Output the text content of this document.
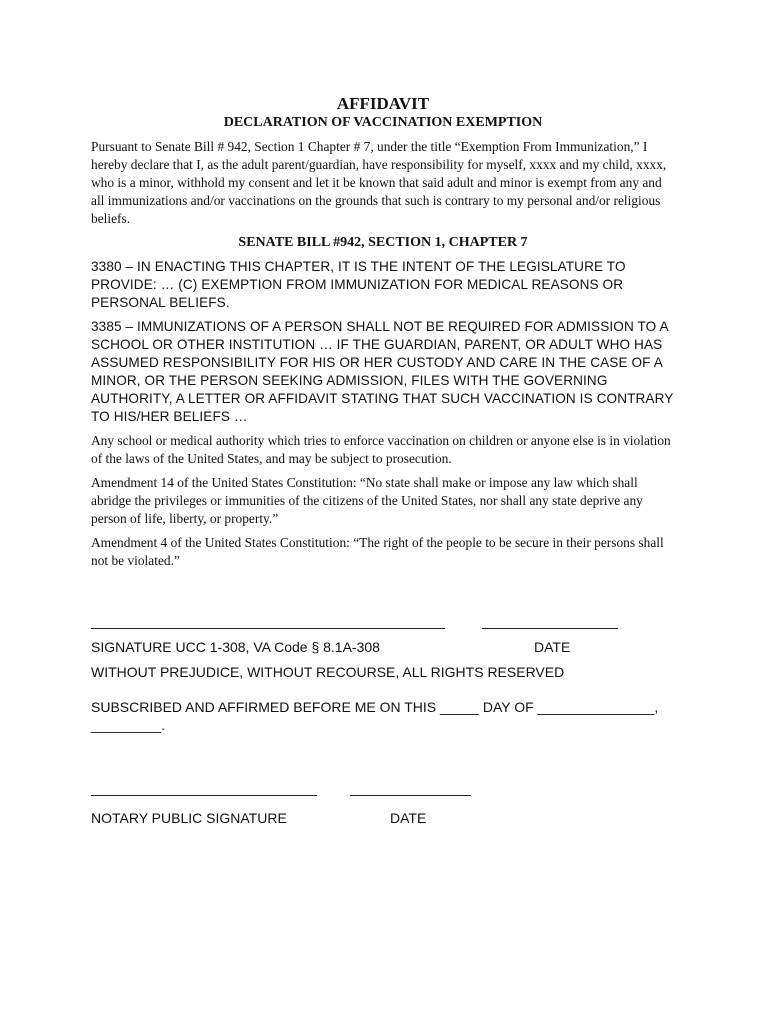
AFFIDAVIT

DECLARATION OF VACCINATION EXEMPTION

Pursuant to Senate Bill # 942, Section 1 Chapter # 7, under the title “Exemption From Immunization,” I hereby declare that I, as the adult parent/guardian, have responsibility for myself, xxxx and my child, xxxx, who is a minor, withhold my consent and let it be known that said adult and minor is exempt from any and all immunizations and/or vaccinations on the grounds that such is contrary to my personal and/or religious beliefs.

SENATE BILL #942, SECTION 1, CHAPTER 7

3380 – IN ENACTING THIS CHAPTER, IT IS THE INTENT OF THE LEGISLATURE TO PROVIDE: … (C) EXEMPTION FROM IMMUNIZATION FOR MEDICAL REASONS OR PERSONAL BELIEFS.

3385 – IMMUNIZATIONS OF A PERSON SHALL NOT BE REQUIRED FOR ADMISSION TO A SCHOOL OR OTHER INSTITUTION … IF THE GUARDIAN, PARENT, OR ADULT WHO HAS ASSUMED RESPONSIBILITY FOR HIS OR HER CUSTODY AND CARE IN THE CASE OF A MINOR, OR THE PERSON SEEKING ADMISSION, FILES WITH THE GOVERNING AUTHORITY, A LETTER OR AFFIDAVIT STATING THAT SUCH VACCINATION IS CONTRARY TO HIS/HER BELIEFS …

Any school or medical authority which tries to enforce vaccination on children or anyone else is in violation of the laws of the United States, and may be subject to prosecution.

Amendment 14 of the United States Constitution: “No state shall make or impose any law which shall abridge the privileges or immunities of the citizens of the United States, nor shall any state deprive any person of life, liberty, or property.”

Amendment 4 of the United States Constitution: “The right of the people to be secure in their persons shall not be violated.”

SIGNATURE UCC 1-308, VA Code § 8.1A-308	DATE
WITHOUT PREJUDICE, WITHOUT RECOURSE, ALL RIGHTS RESERVED
SUBSCRIBED AND AFFIRMED BEFORE ME ON THIS _____ DAY OF _______________,
_________.
NOTARY PUBLIC SIGNATURE	DATE
